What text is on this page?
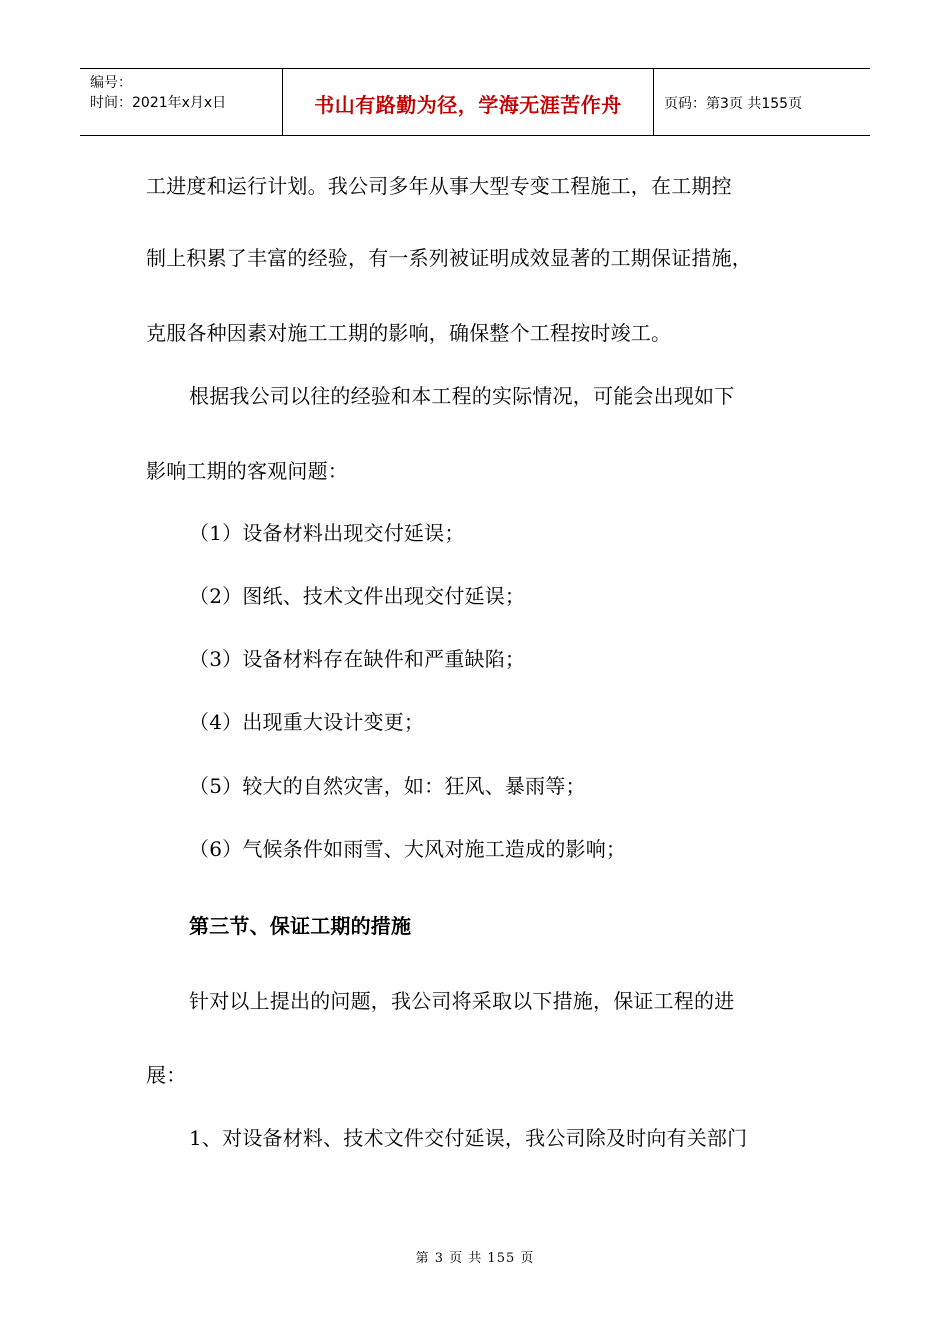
编号：
时间：2021年x月x日	书山有路勤为径，学海无涯苦作舟	页码：第3页 共155页
工进度和运行计划。我公司多年从事大型专变工程施工，在工期控
制上积累了丰富的经验，有一系列被证明成效显著的工期保证措施，
克服各种因素对施工工期的影响，确保整个工程按时竣工。
根据我公司以往的经验和本工程的实际情况，可能会出现如下
影响工期的客观问题：
（1）设备材料出现交付延误；
（2）图纸、技术文件出现交付延误；
（3）设备材料存在缺件和严重缺陷；
（4）出现重大设计变更；
（5）较大的自然灾害，如：狂风、暴雨等；
（6）气候条件如雨雪、大风对施工造成的影响；
第三节、保证工期的措施
针对以上提出的问题，我公司将采取以下措施，保证工程的进
展：
1、对设备材料、技术文件交付延误，我公司除及时向有关部门
第 3 页 共 155 页
